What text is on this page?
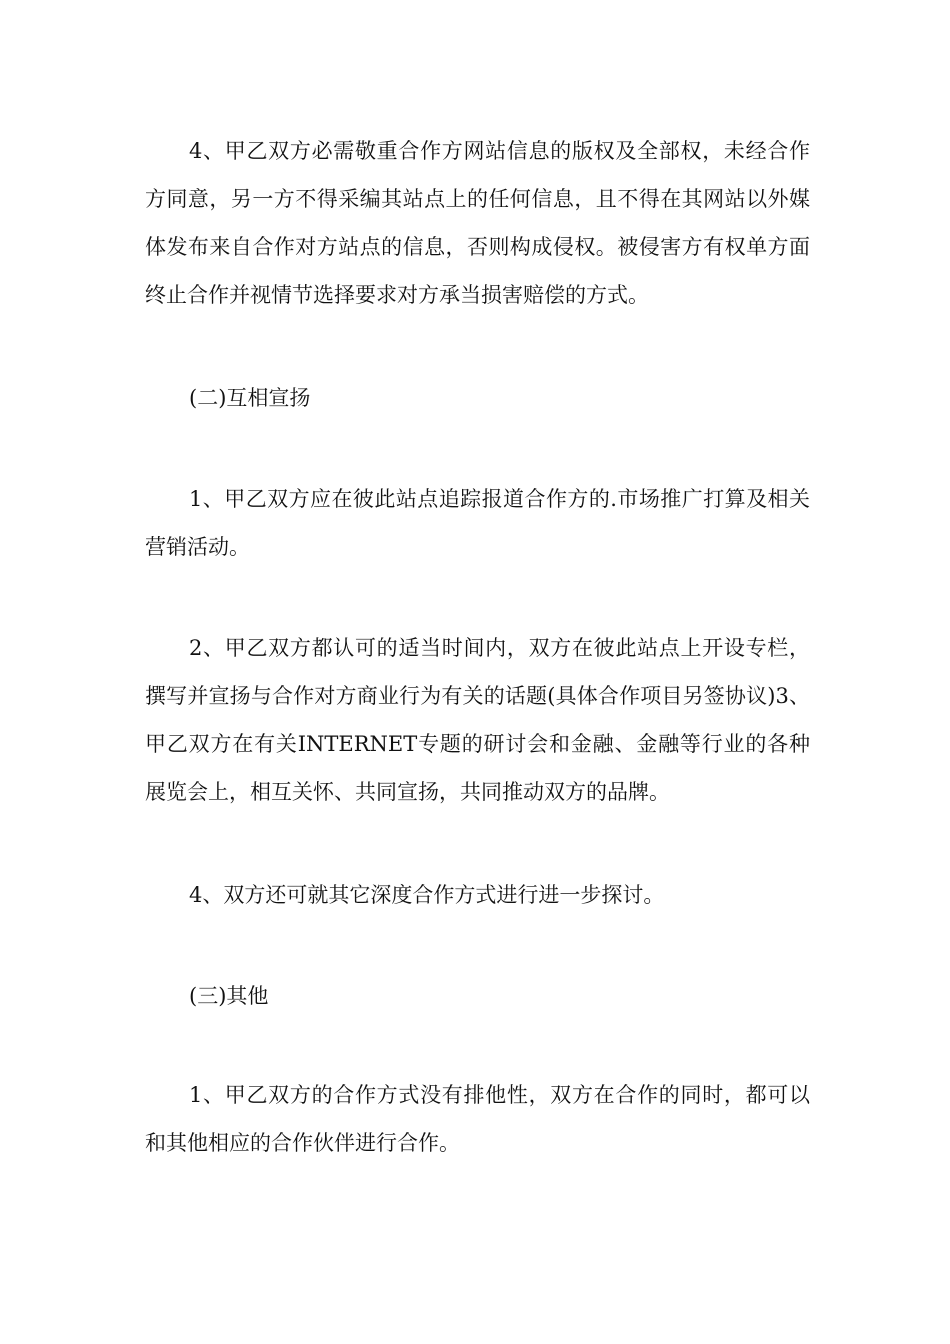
4、甲乙双方必需敬重合作方网站信息的版权及全部权，未经合作方同意，另一方不得采编其站点上的任何信息，且不得在其网站以外媒体发布来自合作对方站点的信息，否则构成侵权。被侵害方有权单方面终止合作并视情节选择要求对方承当损害赔偿的方式。

(二)互相宣扬

1、甲乙双方应在彼此站点追踪报道合作方的.市场推广打算及相关营销活动。

2、甲乙双方都认可的适当时间内，双方在彼此站点上开设专栏，撰写并宣扬与合作对方商业行为有关的话题(具体合作项目另签协议)3、甲乙双方在有关INTERNET专题的研讨会和金融、金融等行业的各种展览会上，相互关怀、共同宣扬，共同推动双方的品牌。

4、双方还可就其它深度合作方式进行进一步探讨。

(三)其他

1、甲乙双方的合作方式没有排他性，双方在合作的同时，都可以和其他相应的合作伙伴进行合作。
